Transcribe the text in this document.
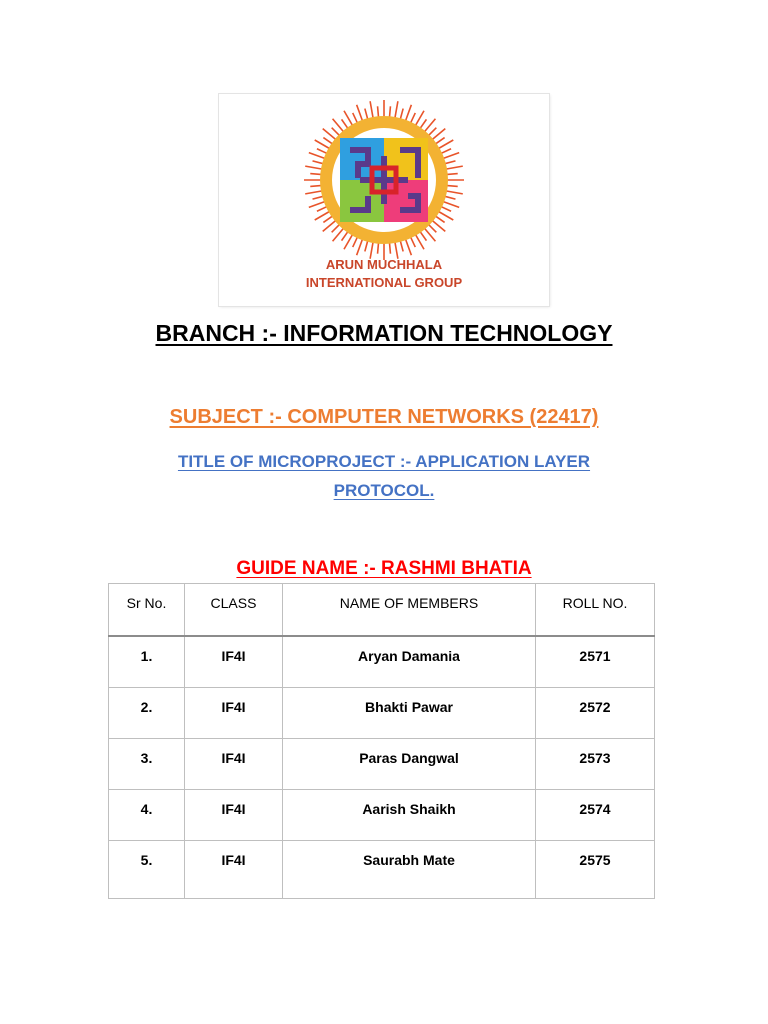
ARUN MUCHHALA
INTERNATIONAL GROUP
BRANCH :- INFORMATION TECHNOLOGY
SUBJECT :- COMPUTER NETWORKS (22417)
TITLE OF MICROPROJECT :- APPLICATION LAYER
PROTOCOL.
GUIDE NAME :- RASHMI BHATIA
Sr No.	CLASS	NAME OF MEMBERS	ROLL NO.
1.	IF4I	Aryan Damania	2571
2.	IF4I	Bhakti Pawar	2572
3.	IF4I	Paras Dangwal	2573
4.	IF4I	Aarish Shaikh	2574
5.	IF4I	Saurabh Mate	2575
